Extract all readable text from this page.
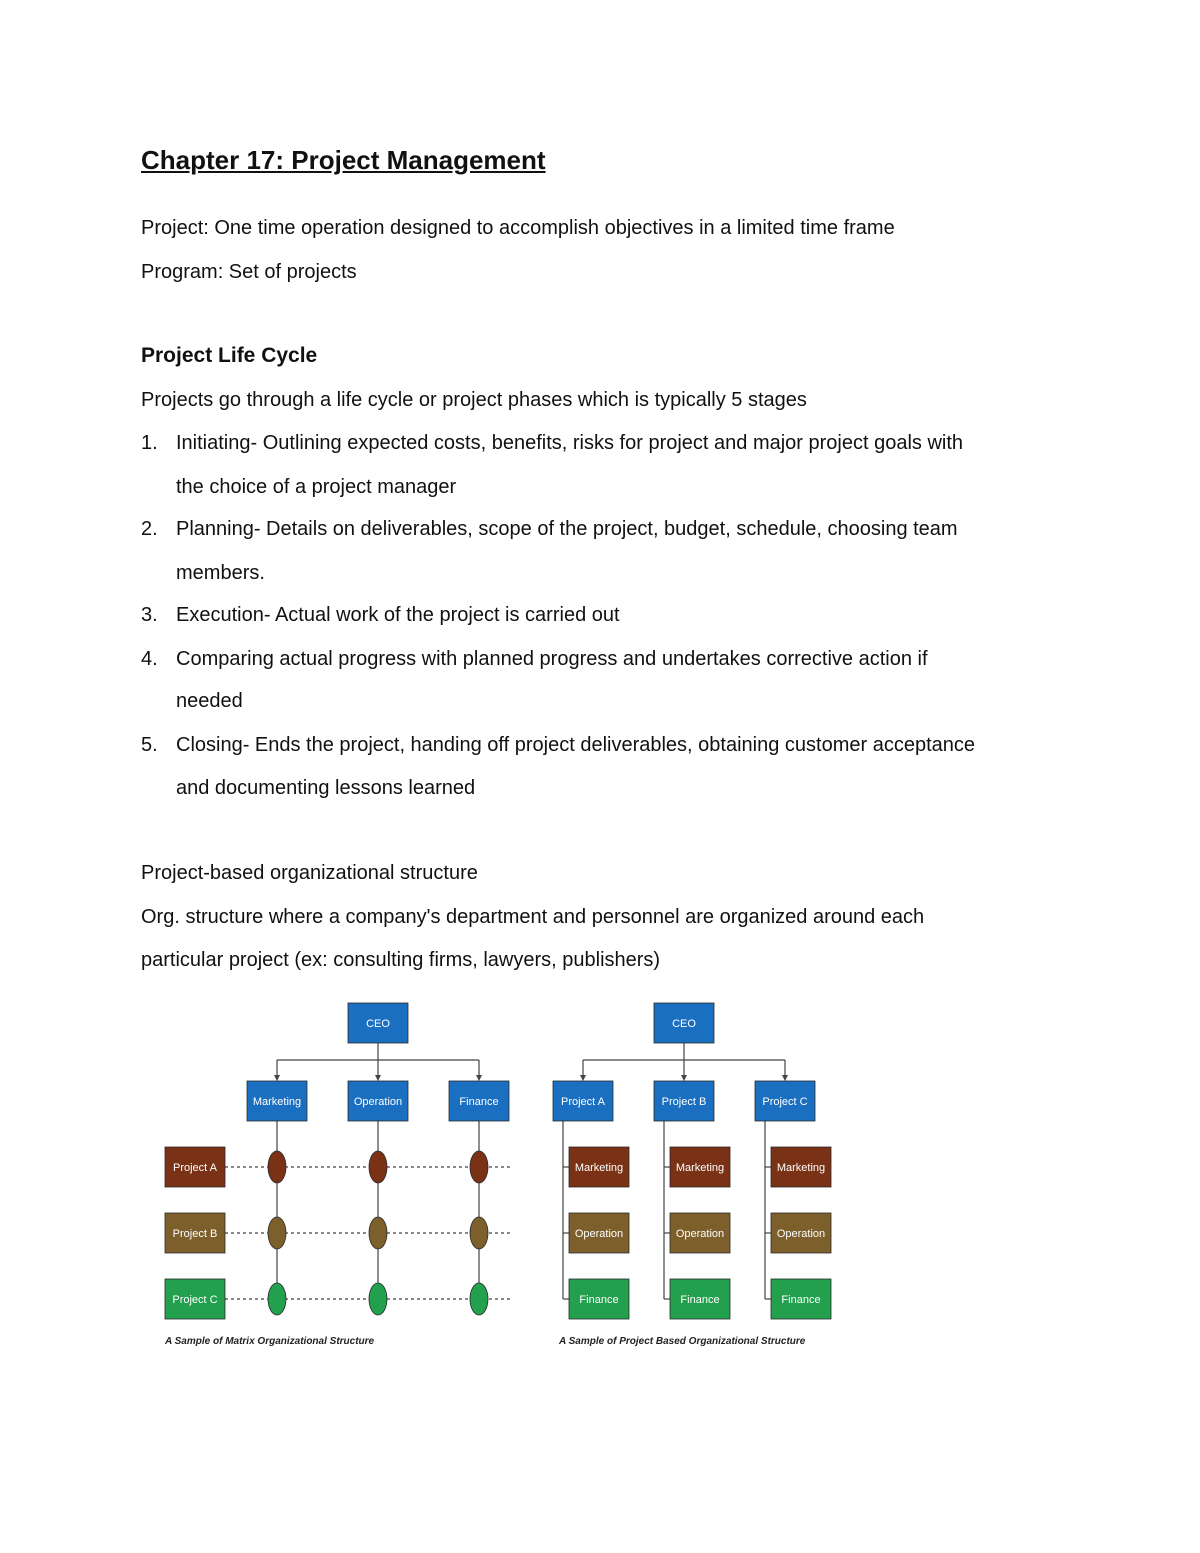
Chapter 17: Project Management
Project: One time operation designed to accomplish objectives in a limited time frame
Program: Set of projects
Project Life Cycle
Projects go through a life cycle or project phases which is typically 5 stages
1. Initiating- Outlining expected costs, benefits, risks for project and major project goals with
the choice of a project manager
2. Planning- Details on deliverables, scope of the project, budget, schedule, choosing team
members.
3. Execution- Actual work of the project is carried out
4. Comparing actual progress with planned progress and undertakes corrective action if
needed
5. Closing- Ends the project, handing off project deliverables, obtaining customer acceptance
and documenting lessons learned
Project-based organizational structure
Org. structure where a company's department and personnel are organized around each
particular project (ex: consulting firms, lawyers, publishers)
CEO
Marketing	Operation	Finance
Project A
Project B
Project C
A Sample of Matrix Organizational Structure
CEO
Marketing
Operation
Finance
Project A
Marketing
Operation
Finance
Project B
Marketing
Operation
Finance
Project C
A Sample of Project Based Organizational Structure
